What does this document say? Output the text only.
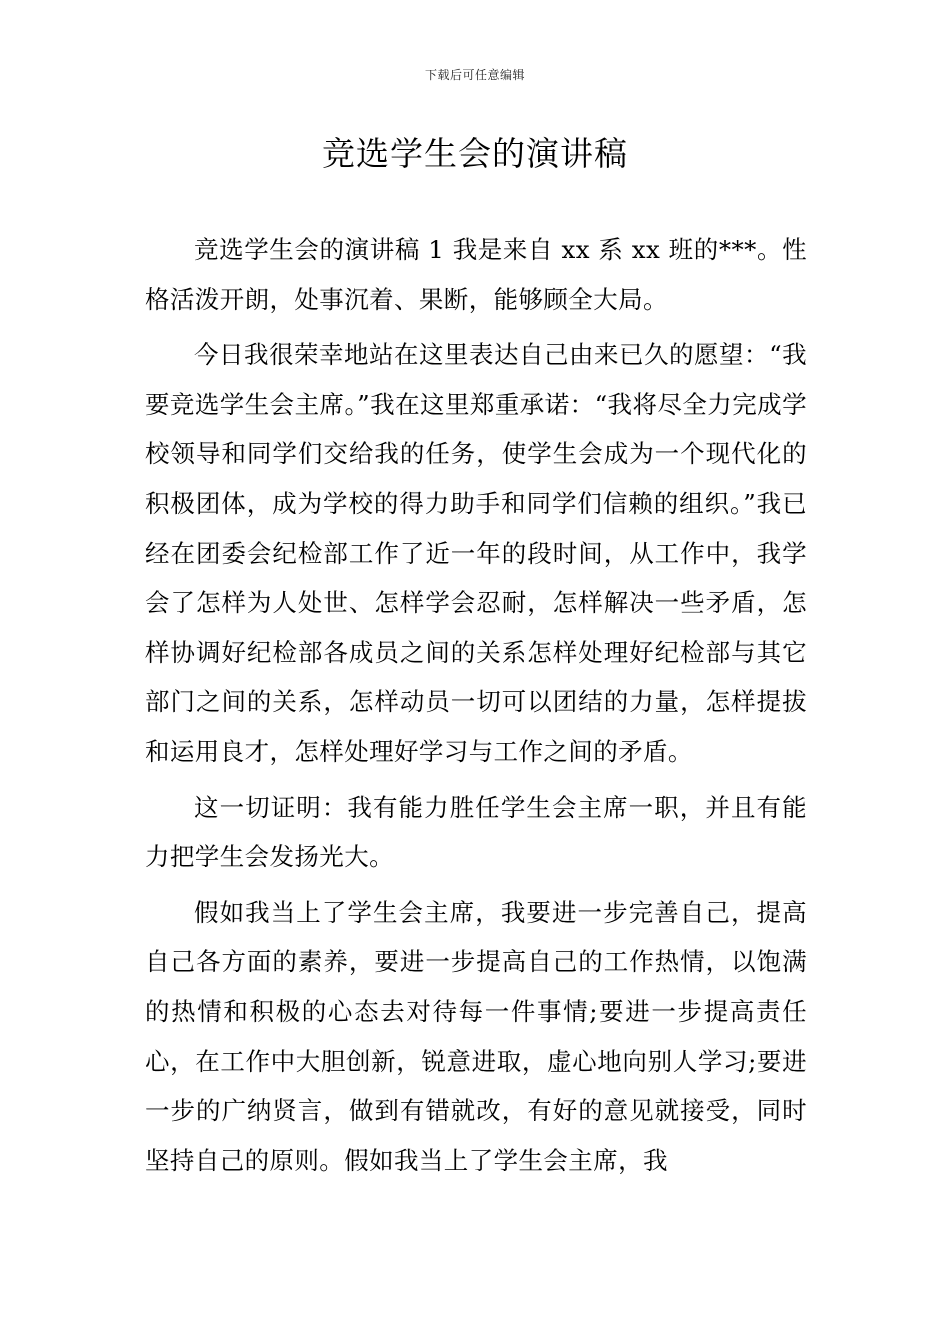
下载后可任意编辑
竞选学生会的演讲稿

竞选学生会的演讲稿 1 我是来自 xx 系 xx 班的***。性格活泼开朗，处事沉着、果断，能够顾全大局。

今日我很荣幸地站在这里表达自己由来已久的愿望：“我要竞选学生会主席。”我在这里郑重承诺：“我将尽全力完成学校领导和同学们交给我的任务，使学生会成为一个现代化的积极团体，成为学校的得力助手和同学们信赖的组织。”我已经在团委会纪检部工作了近一年的段时间，从工作中，我学会了怎样为人处世、怎样学会忍耐，怎样解决一些矛盾，怎样协调好纪检部各成员之间的关系怎样处理好纪检部与其它部门之间的关系，怎样动员一切可以团结的力量，怎样提拔和运用良才，怎样处理好学习与工作之间的矛盾。

这一切证明：我有能力胜任学生会主席一职，并且有能力把学生会发扬光大。

假如我当上了学生会主席，我要进一步完善自己，提高自己各方面的素养，要进一步提高自己的工作热情，以饱满的热情和积极的心态去对待每一件事情;要进一步提高责任心，在工作中大胆创新，锐意进取，虚心地向别人学习;要进一步的广纳贤言，做到有错就改，有好的意见就接受，同时坚持自己的原则。假如我当上了学生会主席，我
